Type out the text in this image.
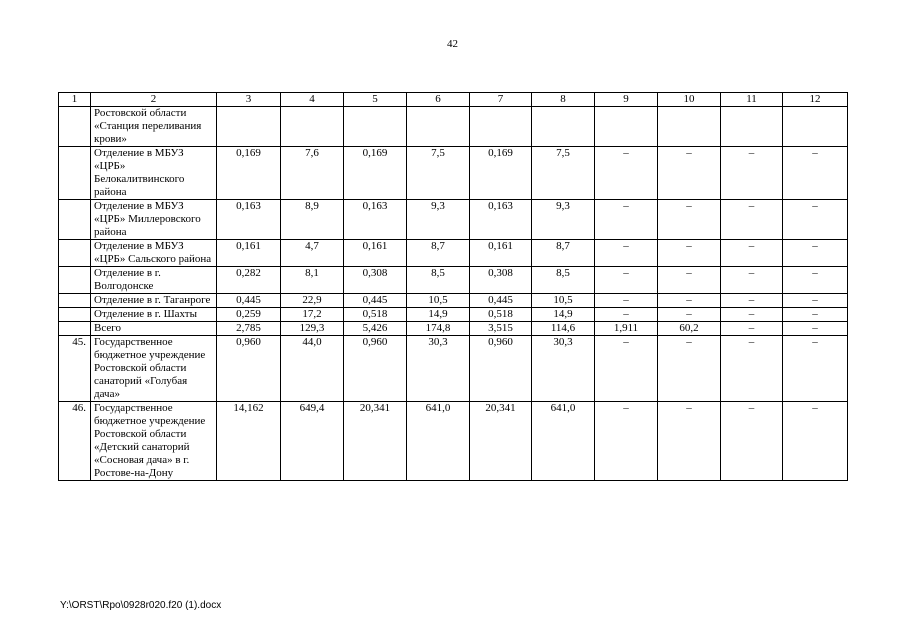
42
1	2	3	4	5	6	7	8	9	10	11	12
	Ростовской области «Станция переливания крови»										
	Отделение в МБУЗ «ЦРБ» Белокалитвинского района	0,169	7,6	0,169	7,5	0,169	7,5	–	–	–	–
	Отделение в МБУЗ «ЦРБ» Миллеровского района	0,163	8,9	0,163	9,3	0,163	9,3	–	–	–	–
	Отделение в МБУЗ «ЦРБ» Сальского района	0,161	4,7	0,161	8,7	0,161	8,7	–	–	–	–
	Отделение в г. Волгодонске	0,282	8,1	0,308	8,5	0,308	8,5	–	–	–	–
	Отделение в г. Таганроге	0,445	22,9	0,445	10,5	0,445	10,5	–	–	–	–
	Отделение в г. Шахты	0,259	17,2	0,518	14,9	0,518	14,9	–	–	–	–
	Всего	2,785	129,3	5,426	174,8	3,515	114,6	1,911	60,2	–	–
45.	Государственное бюджетное учреждение Ростовской области санаторий «Голубая дача»	0,960	44,0	0,960	30,3	0,960	30,3	–	–	–	–
46.	Государственное бюджетное учреждение Ростовской области «Детский санаторий «Сосновая дача» в г. Ростове-на-Дону	14,162	649,4	20,341	641,0	20,341	641,0	–	–	–	–
Y:\ORST\Rpo\0928r020.f20 (1).docx
